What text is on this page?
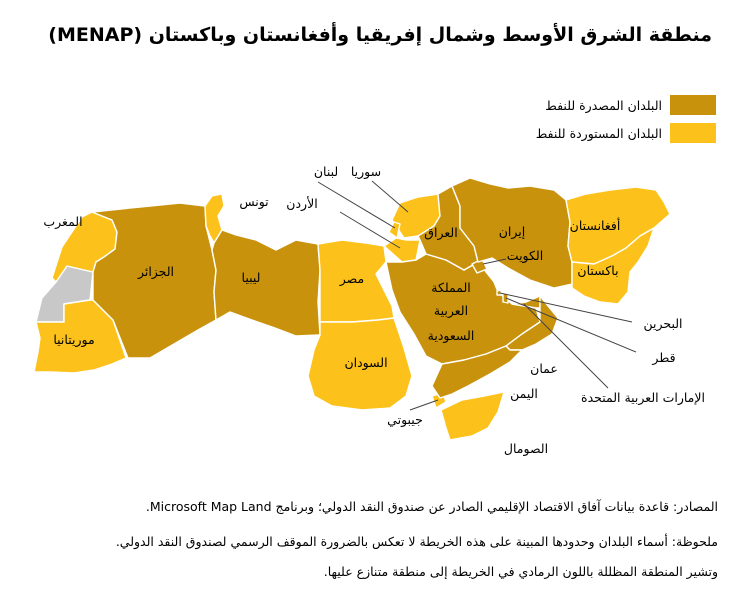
منطقة الشرق الأوسط وشمال إفريقيا وأفغانستان وباكستان (MENAP)
البلدان المصدرة للنفط
البلدان المستوردة للنفط
المغرب
الجزائر
تونس
ليبيا	مصر
موريتانيا
السودان
جيبوتي
الصومال
سوريا
لبنان
الأردن
العراق	إيران
الكويت
المملكة
العربية
السعودية
أفغانستان
باكستان
البحرين
قطر
عمان
اليمن	الإمارات العربية المتحدة
المصادر: قاعدة بيانات آفاق الاقتصاد الإقليمي الصادر عن صندوق النقد الدولي؛ وبرنامج Microsoft Map Land.
ملحوظة: أسماء البلدان وحدودها المبينة على هذه الخريطة لا تعكس بالضرورة الموقف الرسمي لصندوق النقد الدولي.
وتشير المنطقة المظللة باللون الرمادي في الخريطة إلى منطقة متنازع عليها.
